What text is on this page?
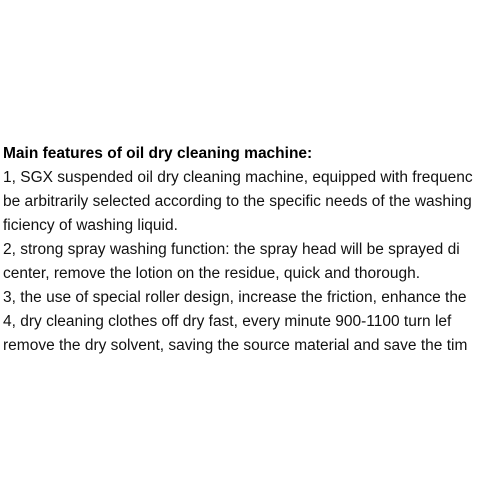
Main features of oil dry cleaning machine:
1, SGX suspended oil dry cleaning machine, equipped with frequenc
be arbitrarily selected according to the specific needs of the washing
ficiency of washing liquid.
2, strong spray washing function: the spray head will be sprayed di
center, remove the lotion on the residue, quick and thorough.
3, the use of special roller design, increase the friction, enhance the
4, dry cleaning clothes off dry fast, every minute 900-1100 turn lef
remove the dry solvent, saving the source material and save the tim
